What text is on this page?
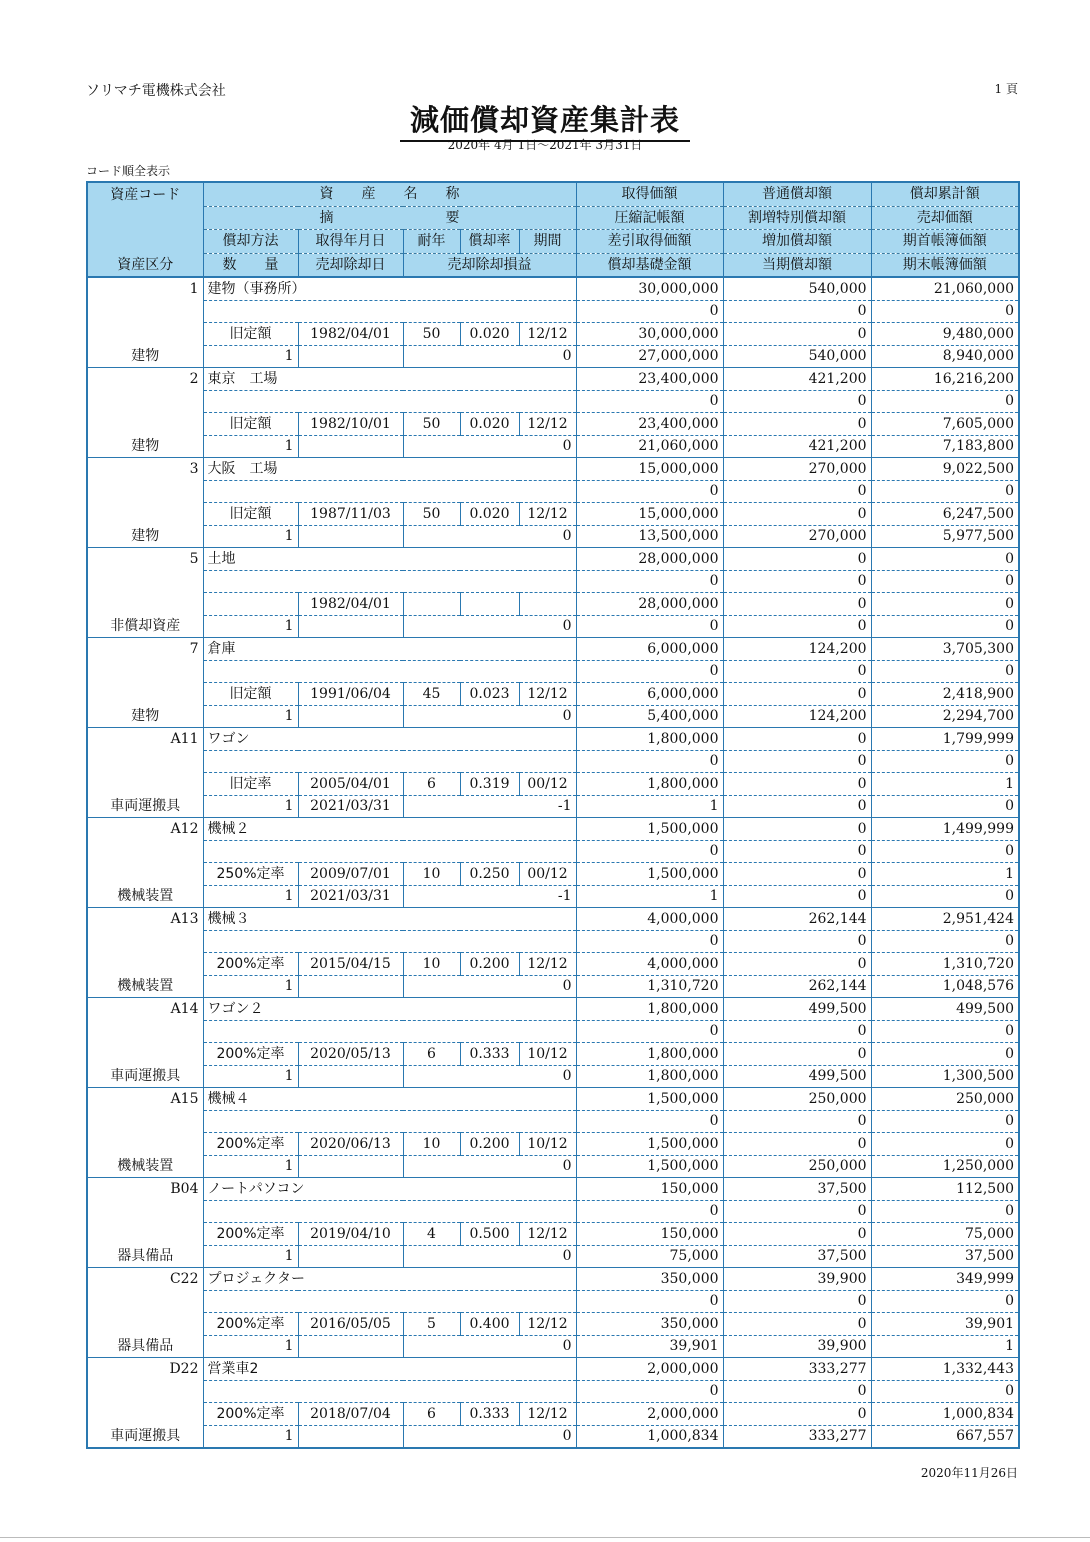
ソリマチ電機株式会社	1 頁
減価償却資産集計表
2020年 4月 1日～2021年 3月31日
コード順全表示
資産コード	資　　産　　名　　称					取得価額	普通償却額	償却累計額
	摘　　　　　　　　要					圧縮記帳額	割増特別償却額	売却価額
	償却方法	取得年月日	耐年	償却率	期間	差引取得価額	増加償却額	期首帳簿価額
資産区分	数　　量	売却除却日	売却除却損益			償却基礎金額	当期償却額	期末帳簿価額
1	建物（事務所）					30,000,000	540,000	21,060,000
						0	0	0
	旧定額	1982/04/01	50	0.020	12/12	30,000,000	0	9,480,000
建物	1		0			27,000,000	540,000	8,940,000
2	東京　工場					23,400,000	421,200	16,216,200
						0	0	0
	旧定額	1982/10/01	50	0.020	12/12	23,400,000	0	7,605,000
建物	1		0			21,060,000	421,200	7,183,800
3	大阪　工場					15,000,000	270,000	9,022,500
						0	0	0
	旧定額	1987/11/03	50	0.020	12/12	15,000,000	0	6,247,500
建物	1		0			13,500,000	270,000	5,977,500
5	土地					28,000,000	0	0
						0	0	0
		1982/04/01				28,000,000	0	0
非償却資産	1		0			0	0	0
7	倉庫					6,000,000	124,200	3,705,300
						0	0	0
	旧定額	1991/06/04	45	0.023	12/12	6,000,000	0	2,418,900
建物	1		0			5,400,000	124,200	2,294,700
A11	ワゴン					1,800,000	0	1,799,999
						0	0	0
	旧定率	2005/04/01	6	0.319	00/12	1,800,000	0	1
車両運搬具	1	2021/03/31	-1			1	0	0
A12	機械２					1,500,000	0	1,499,999
						0	0	0
	250%定率	2009/07/01	10	0.250	00/12	1,500,000	0	1
機械装置	1	2021/03/31	-1			1	0	0
A13	機械３					4,000,000	262,144	2,951,424
						0	0	0
	200%定率	2015/04/15	10	0.200	12/12	4,000,000	0	1,310,720
機械装置	1		0			1,310,720	262,144	1,048,576
A14	ワゴン２					1,800,000	499,500	499,500
						0	0	0
	200%定率	2020/05/13	6	0.333	10/12	1,800,000	0	0
車両運搬具	1		0			1,800,000	499,500	1,300,500
A15	機械４					1,500,000	250,000	250,000
						0	0	0
	200%定率	2020/06/13	10	0.200	10/12	1,500,000	0	0
機械装置	1		0			1,500,000	250,000	1,250,000
B04	ノートパソコン					150,000	37,500	112,500
						0	0	0
	200%定率	2019/04/10	4	0.500	12/12	150,000	0	75,000
器具備品	1		0			75,000	37,500	37,500
C22	プロジェクター					350,000	39,900	349,999
						0	0	0
	200%定率	2016/05/05	5	0.400	12/12	350,000	0	39,901
器具備品	1		0			39,901	39,900	1
D22	営業車2					2,000,000	333,277	1,332,443
						0	0	0
	200%定率	2018/07/04	6	0.333	12/12	2,000,000	0	1,000,834
車両運搬具	1		0			1,000,834	333,277	667,557
2020年11月26日
